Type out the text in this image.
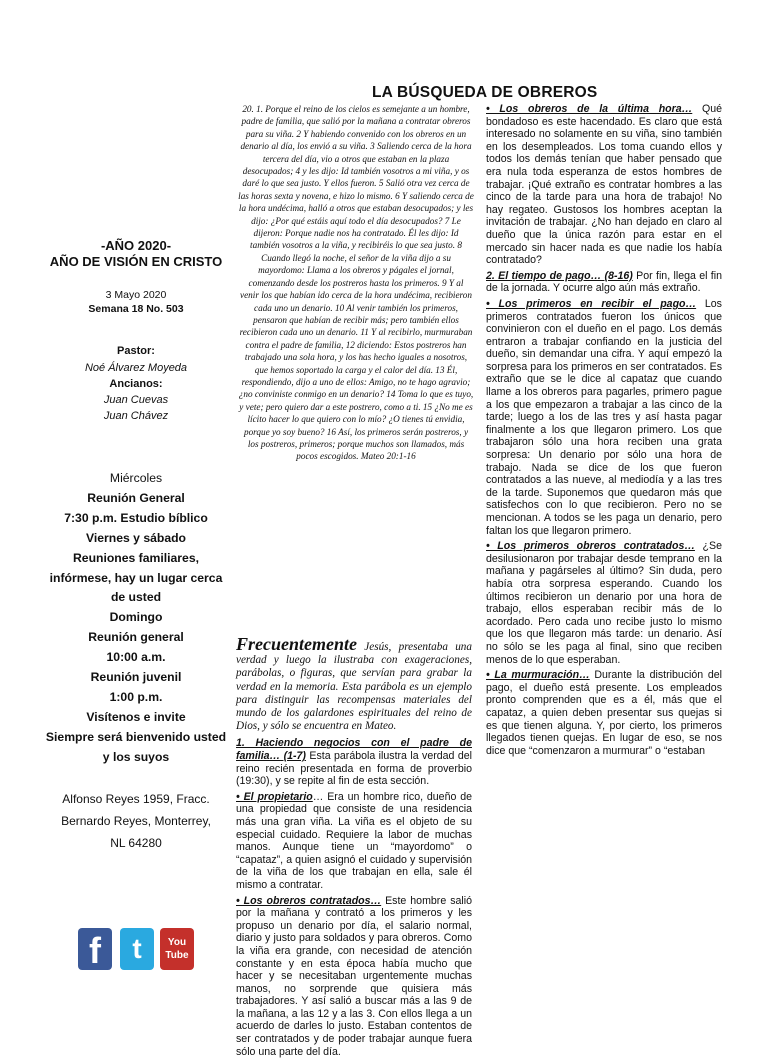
LA BÚSQUEDA DE OBREROS
-AÑO 2020-
AÑO DE VISIÓN EN CRISTO
3 Mayo 2020
Semana 18 No. 503
Pastor:
Noé Álvarez Moyeda
Ancianos:
Juan Cuevas
Juan Chávez
Miércoles
Reunión General
7:30 p.m. Estudio bíblico
Viernes y sábado
Reuniones familiares,
infórmese, hay un lugar cerca
de usted
Domingo
Reunión general
10:00 a.m.
Reunión juvenil
1:00 p.m.
Visítenos e invite
Siempre será bienvenido usted
y los suyos
Alfonso Reyes 1959, Fracc.
Bernardo Reyes, Monterrey,
NL 64280
f	t	You
Tube
20. 1. Porque el reino de los cielos es semejante a un hombre, padre de familia, que salió por la mañana a contratar obreros para su viña. 2 Y habiendo convenido con los obreros en un denario al día, los envió a su viña. 3 Saliendo cerca de la hora tercera del día, vio a otros que estaban en la plaza desocupados; 4 y les dijo: Id también vosotros a mi viña, y os daré lo que sea justo. Y ellos fueron. 5 Salió otra vez cerca de las horas sexta y novena, e hizo lo mismo. 6 Y saliendo cerca de la hora undécima, halló a otros que estaban desocupados; y les dijo: ¿Por qué estáis aquí todo el día desocupados? 7 Le dijeron: Porque nadie nos ha contratado. Él les dijo: Id también vosotros a la viña, y recibiréis lo que sea justo. 8 Cuando llegó la noche, el señor de la viña dijo a su mayordomo: Llama a los obreros y págales el jornal, comenzando desde los postreros hasta los primeros. 9 Y al venir los que habían ido cerca de la hora undécima, recibieron cada uno un denario. 10 Al venir también los primeros, pensaron que habían de recibir más; pero también ellos recibieron cada uno un denario. 11 Y al recibirlo, murmuraban contra el padre de familia, 12 diciendo: Estos postreros han trabajado una sola hora, y los has hecho iguales a nosotros, que hemos soportado la carga y el calor del día. 13 Él, respondiendo, dijo a uno de ellos: Amigo, no te hago agravio; ¿no conviniste conmigo en un denario? 14 Toma lo que es tuyo, y vete; pero quiero dar a este postrero, como a ti. 15 ¿No me es lícito hacer lo que quiero con lo mío? ¿O tienes tú envidia, porque yo soy bueno? 16 Así, los primeros serán postreros, y los postreros, primeros; porque muchos son llamados, más pocos escogidos. Mateo 20:1-16

Frecuentemente Jesús, presentaba una verdad y luego la ilustraba con exageraciones, parábolas, o figuras, que servían para grabar la verdad en la memoria. Esta parábola es un ejemplo para distinguir las recompensas materiales del mundo de los galardones espirituales del reino de Dios, y sólo se encuentra en Mateo.

1. Haciendo negocios con el padre de familia… (1-7) Esta parábola ilustra la verdad del reino recién presentada en forma de proverbio (19:30), y se repite al fin de esta sección.

• El propietario… Era un hombre rico, dueño de una propiedad que consiste de una residencia más una gran viña. La viña es el objeto de su especial cuidado. Requiere la labor de muchas manos. Aunque tiene un “mayordomo” o “capataz”, a quien asignó el cuidado y supervisión de la viña de los que trabajan en ella, sale él mismo a contratar.

• Los obreros contratados… Este hombre salió por la mañana y contrató a los primeros y les propuso un denario por día, el salario normal, diario y justo para soldados y para obreros. Como la viña era grande, con necesidad de atención constante y en esta época había mucho que hacer y se necesitaban urgentemente muchas manos, no sorprende que quisiera más trabajadores. Y así salió a buscar más a las 9 de la mañana, a las 12 y a las 3. Con ellos llega a un acuerdo de darles lo justo. Estaban contentos de ser contratados y de poder trabajar aunque fuera sólo una parte del día.

• Los obreros de la última hora… Qué bondadoso es este hacendado. Es claro que está interesado no solamente en su viña, sino también en los desempleados. Los toma cuando ellos y todos los demás tenían que haber pensado que era nula toda esperanza de estos hombres de trabajar. ¡Qué extraño es contratar hombres a las cinco de la tarde para una hora de trabajo! No hay regateo. Gustosos los hombres aceptan la invitación de trabajar. ¿No han dejado en claro al dueño que la única razón para estar en el mercado sin hacer nada es que nadie los había contratado?

2. El tiempo de pago… (8-16) Por fin, llega el fin de la jornada. Y ocurre algo aún más extraño.

• Los primeros en recibir el pago… Los primeros contratados fueron los únicos que convinieron con el dueño en el pago. Los demás entraron a trabajar confiando en la justicia del dueño, sin demandar una cifra. Y aquí empezó la sorpresa para los primeros en ser contratados. Es extraño que se le dice al capataz que cuando llame a los obreros para pagarles, primero pague a los que empezaron a trabajar a las cinco de la tarde; luego a los de las tres y así hasta pagar finalmente a los que llegaron primero. Los que trabajaron sólo una hora reciben una grata sorpresa: Un denario por sólo una hora de trabajo. Nada se dice de los que fueron contratados a las nueve, al mediodía y a las tres de la tarde. Suponemos que quedaron más que satisfechos con lo que recibieron. Pero no se mencionan. A todos se les paga un denario, pero faltan los que llegaron primero.

• Los primeros obreros contratados… ¿Se desilusionaron por trabajar desde temprano en la mañana y pagárseles al último? Sin duda, pero había otra sorpresa esperando. Cuando los últimos recibieron un denario por una hora de trabajo, ellos esperaban recibir más de lo acordado. Pero cada uno recibe justo lo mismo que los que llegaron más tarde: un denario. Así no sólo se les paga al final, sino que reciben menos de lo que esperaban.

• La murmuración… Durante la distribución del pago, el dueño está presente. Los empleados pronto comprenden que es a él, más que el capataz, a quien deben presentar sus quejas si es que tienen alguna. Y, por cierto, los primeros llegados tienen quejas. En lugar de eso, se nos dice que “comenzaron a murmurar” o “estaban
